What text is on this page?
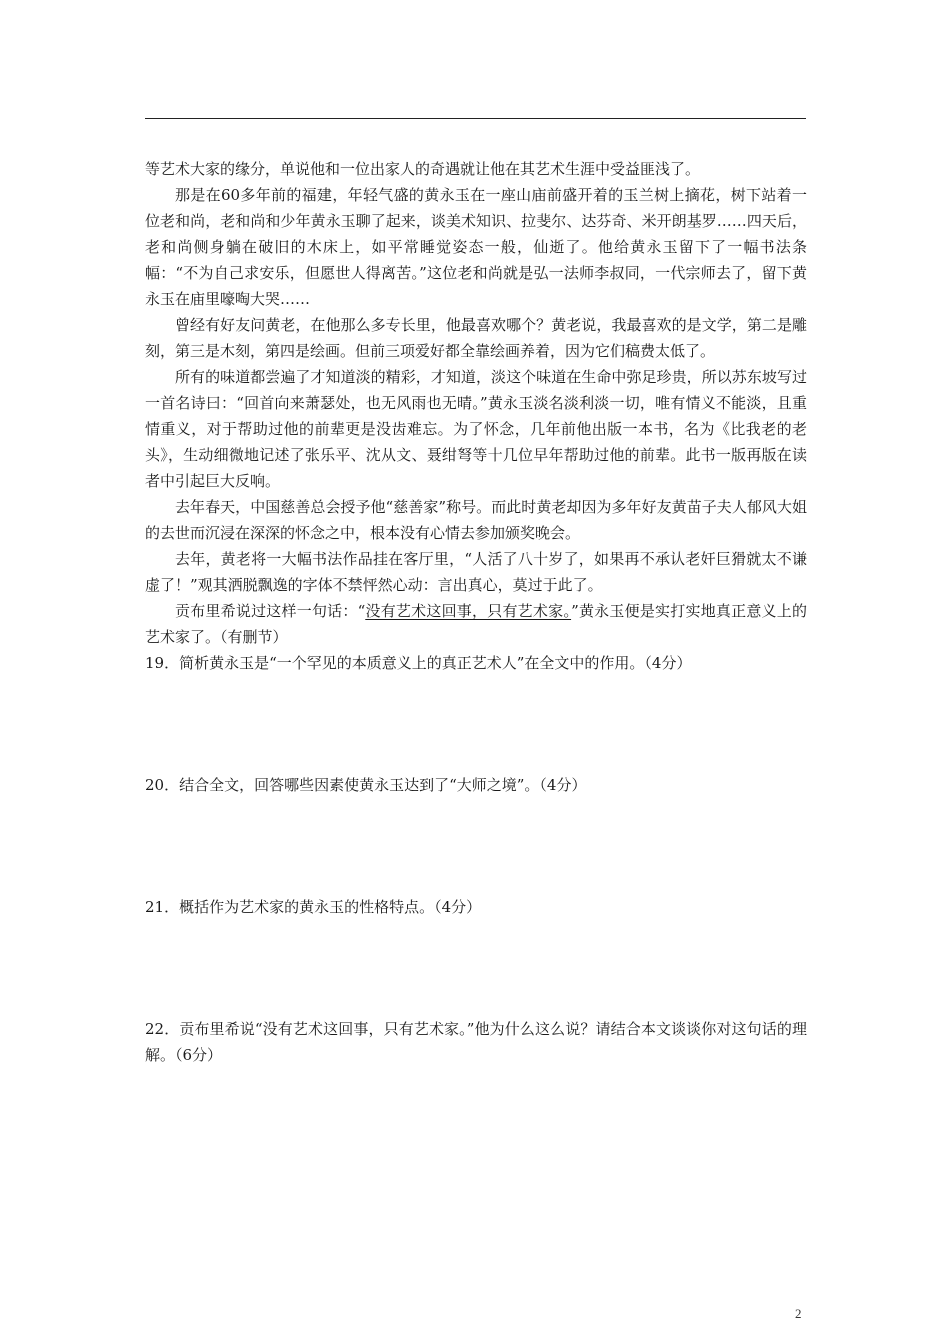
等艺术大家的缘分，单说他和一位出家人的奇遇就让他在其艺术生涯中受益匪浅了。

那是在60多年前的福建，年轻气盛的黄永玉在一座山庙前盛开着的玉兰树上摘花，树下站着一位老和尚，老和尚和少年黄永玉聊了起来，谈美术知识、拉斐尔、达芬奇、米开朗基罗……四天后，老和尚侧身躺在破旧的木床上，如平常睡觉姿态一般，仙逝了。他给黄永玉留下了一幅书法条幅：“不为自己求安乐，但愿世人得离苦。”这位老和尚就是弘一法师李叔同，一代宗师去了，留下黄永玉在庙里嚎啕大哭……

曾经有好友问黄老，在他那么多专长里，他最喜欢哪个？黄老说，我最喜欢的是文学，第二是雕刻，第三是木刻，第四是绘画。但前三项爱好都全靠绘画养着，因为它们稿费太低了。

所有的味道都尝遍了才知道淡的精彩，才知道，淡这个味道在生命中弥足珍贵，所以苏东坡写过一首名诗曰：“回首向来萧瑟处，也无风雨也无晴。”黄永玉淡名淡利淡一切，唯有情义不能淡，且重情重义，对于帮助过他的前辈更是没齿难忘。为了怀念，几年前他出版一本书，名为《比我老的老头》，生动细微地记述了张乐平、沈从文、聂绀弩等十几位早年帮助过他的前辈。此书一版再版在读者中引起巨大反响。

去年春天，中国慈善总会授予他“慈善家”称号。而此时黄老却因为多年好友黄苗子夫人郁风大姐的去世而沉浸在深深的怀念之中，根本没有心情去参加颁奖晚会。

去年，黄老将一大幅书法作品挂在客厅里，“人活了八十岁了，如果再不承认老奸巨猾就太不谦虚了！”观其洒脱飘逸的字体不禁怦然心动：言出真心，莫过于此了。

贡布里希说过这样一句话：“没有艺术这回事，只有艺术家。”黄永玉便是实打实地真正意义上的艺术家了。（有删节）

19．简析黄永玉是“一个罕见的本质意义上的真正艺术人”在全文中的作用。（4分）

20．结合全文，回答哪些因素使黄永玉达到了“大师之境”。（4分）

21．概括作为艺术家的黄永玉的性格特点。（4分）

22．贡布里希说“没有艺术这回事，只有艺术家。”他为什么这么说？请结合本文谈谈你对这句话的理解。（6分）

2
